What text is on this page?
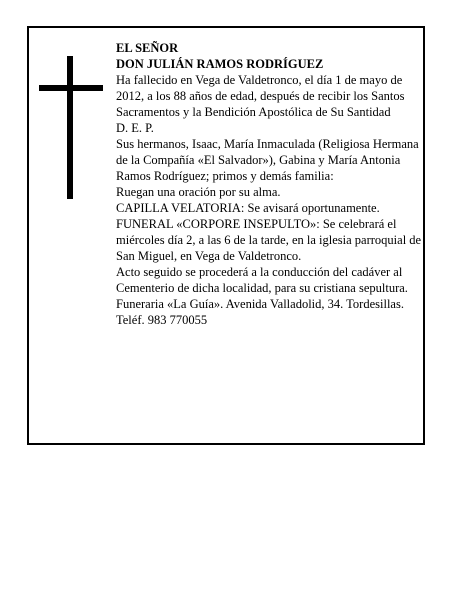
EL SEÑOR

DON JULIÁN RAMOS RODRÍGUEZ

Ha fallecido en Vega de Valdetronco, el día 1 de mayo de 2012, a los 88 años de edad, después de recibir los Santos Sacramentos y la Bendición Apostólica de Su Santidad

D. E. P.

Sus hermanos, Isaac, María Inmaculada (Religiosa Hermana de la Compañía «El Salvador»), Gabina y María Antonia Ramos Rodríguez; primos y demás familia:

Ruegan una oración por su alma.

CAPILLA VELATORIA: Se avisará oportunamente.

FUNERAL «CORPORE INSEPULTO»: Se celebrará el miércoles día 2, a las 6 de la tarde, en la iglesia parroquial de San Miguel, en Vega de Valdetronco.

Acto seguido se procederá a la conducción del cadáver al Cementerio de dicha localidad, para su cristiana sepultura.

Funeraria «La Guía». Avenida Valladolid, 34. Tordesillas. Teléf. 983 770055
